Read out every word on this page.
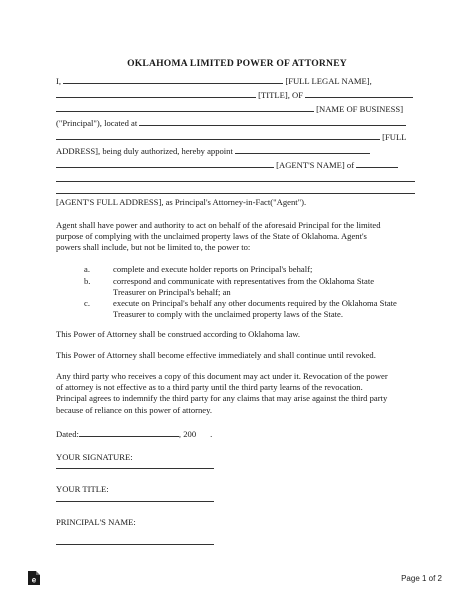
OKLAHOMA LIMITED POWER OF ATTORNEY
I,	[FULL LEGAL NAME],
[TITLE], OF
[NAME OF BUSINESS]
("Principal"), located at
[FULL
ADDRESS], being duly authorized, hereby appoint
[AGENT'S NAME] of
[AGENT'S FULL ADDRESS], as Principal's Attorney-in-Fact("Agent").
Agent shall have power and authority to act on behalf of the aforesaid Principal for the limited
purpose of complying with the unclaimed property laws of the State of Oklahoma. Agent's
powers shall include, but not be limited to, the power to:
a.	complete and execute holder reports on Principal's behalf;
b.	correspond and communicate with representatives from the Oklahoma State
Treasurer on Principal's behalf; an
c.	execute on Principal's behalf any other documents required by the Oklahoma State
Treasurer to comply with the unclaimed property laws of the State.
This Power of Attorney shall be construed according to Oklahoma law.
This Power of Attorney shall become effective immediately and shall continue until revoked.
Any third party who receives a copy of this document may act under it. Revocation of the power
of attorney is not effective as to a third party until the third party learns of the revocation.
Principal agrees to indemnify the third party for any claims that may arise against the third party
because of reliance on this power of attorney.
Dated:	, 200 .
YOUR SIGNATURE:
YOUR TITLE:
PRINCIPAL'S NAME:
e	Page 1 of 2
